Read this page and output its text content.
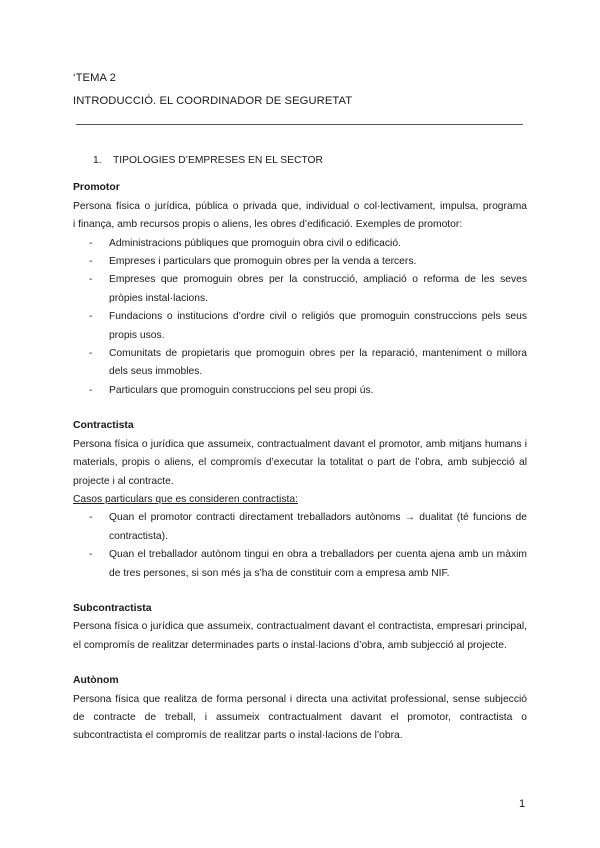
‘TEMA 2
INTRODUCCIÓ. EL COORDINADOR DE SEGURETAT
1. TIPOLOGIES D’EMPRESES EN EL SECTOR
Promotor
Persona física o jurídica, pública o privada que, individual o col·lectivament, impulsa, programa
i finança, amb recursos propis o aliens, les obres d’edificació. Exemples de promotor:
- Administracions públiques que promoguin obra civil o edificació.
- Empreses i particulars que promoguin obres per la venda a tercers.
- Empreses que promoguin obres per la construcció, ampliació o reforma de les seves pròpies instal·lacions.
- Fundacions o institucions d’ordre civil o religiós que promoguin construccions pels seus propis usos.
- Comunitats de propietaris que promoguin obres per la reparació, manteniment o millora dels seus immobles.
- Particulars que promoguin construccions pel seu propi ús.
Contractista
Persona física o jurídica que assumeix, contractualment davant el promotor, amb mitjans humans i materials, propis o aliens, el compromís d’executar la totalitat o part de l’obra, amb subjecció al projecte i al contracte.
Casos particulars que es consideren contractista:
- Quan el promotor contracti directament treballadors autònoms → dualitat (té funcions de contractista).
- Quan el treballador autònom tingui en obra a treballadors per cuenta ajena amb un màxim de tres persones, si son més ja s’ha de constituir com a empresa amb NIF.
Subcontractista
Persona física o jurídica que assumeix, contractualment davant el contractista, empresari principal, el compromís de realitzar determinades parts o instal·lacions d’obra, amb subjecció al projecte.
Autònom
Persona física que realitza de forma personal i directa una activitat professional, sense subjecció de contracte de treball, i assumeix contractualment davant el promotor, contractista o subcontractista el compromís de realitzar parts o instal·lacions de l’obra.
1
